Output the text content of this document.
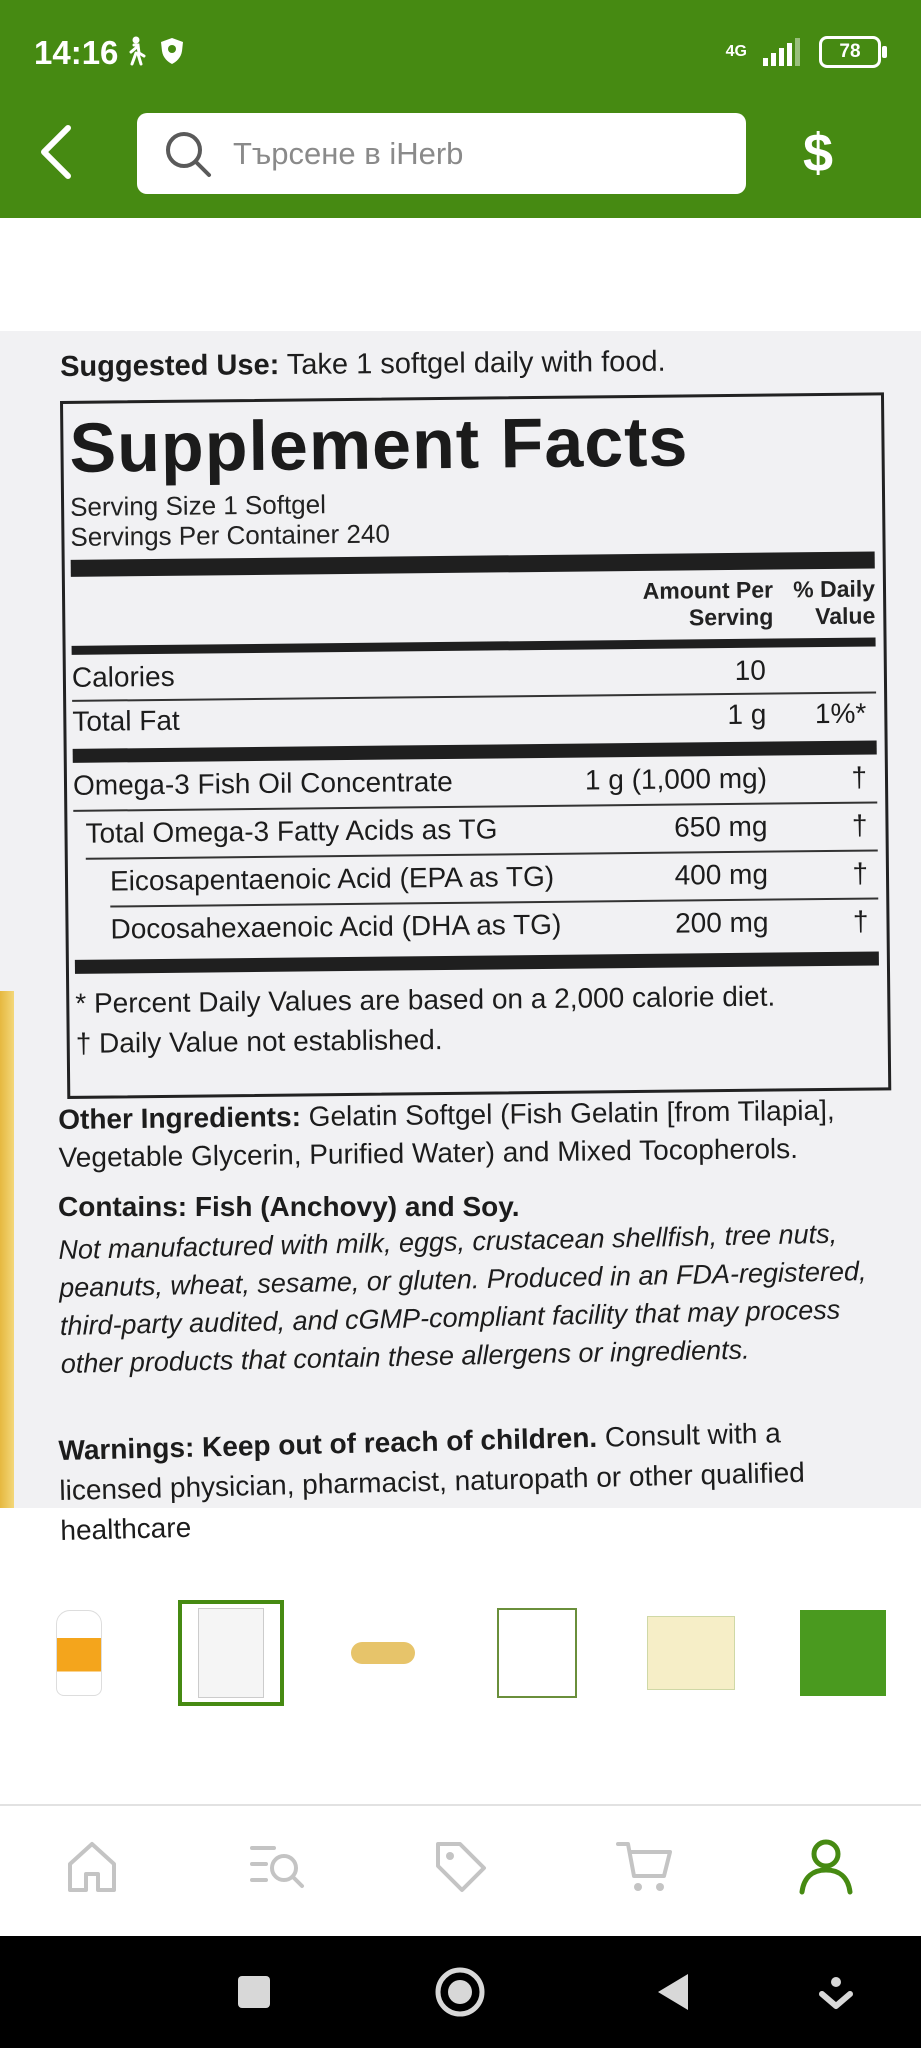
14:16	4G	78
Търсене в iHerb	$
Suggested Use: Take 1 softgel daily with food.
Supplement Facts
Serving Size 1 Softgel
Servings Per Container 240
Amount Per
Serving
% Daily
Value
Calories	10
Total Fat	1 g 1%*
Omega-3 Fish Oil Concentrate	1 g (1,000 mg)	†
Total Omega-3 Fatty Acids as TG	650 mg	†
Eicosapentaenoic Acid (EPA as TG)	400 mg	†
Docosahexaenoic Acid (DHA as TG)	200 mg	†
* Percent Daily Values are based on a 2,000 calorie diet.
† Daily Value not established.
Other Ingredients: Gelatin Softgel (Fish Gelatin [from Tilapia], Vegetable Glycerin, Purified Water) and Mixed Tocopherols.
Contains: Fish (Anchovy) and Soy.
Not manufactured with milk, eggs, crustacean shellfish, tree nuts, peanuts, wheat, sesame, or gluten. Produced in an FDA-registered, third-party audited, and cGMP-compliant facility that may process other products that contain these allergens or ingredients.
Warnings: Keep out of reach of children. Consult with a licensed physician, pharmacist, naturopath or other qualified healthcare
